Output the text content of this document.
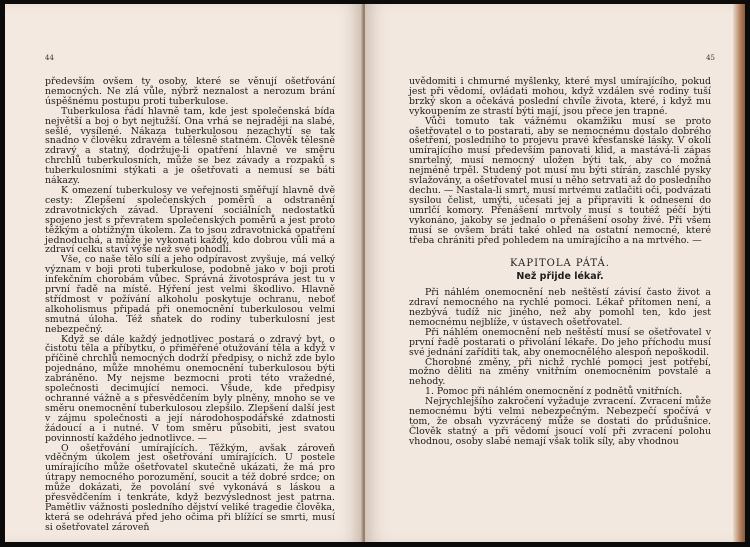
44

především ovšem ty osoby, které se věnují ošetřování nemocných. Ne zlá vůle, nýbrž neznalost a nerozum brání úspěšnému postupu proti tuberkulose.

Tuberkulosa řádí hlavně tam, kde jest společenská bída největší a boj o byt nejtužší. Ona vrhá se nejraději na slabé, sešlé, vysílené. Nákaza tuberkulosou nezachytí se tak snadno v člověku zdravém a tělesně statném. Člověk tělesně zdravý a statný, dodržuje-li opatření hlavně ve směru chrchlů tuberkulosních, může se bez závady a rozpaků s tuberkulosními stýkati a je ošetřovati a nemusí se báti nákazy.

K omezení tuberkulosy ve veřejnosti směřují hlavně dvě cesty: Zlepšení společenských poměrů a odstranění zdravotnických závad. Úpravení sociálních nedostatků spojeno jest s převratem společenských poměrů a jest proto těžkým a obtížným úkolem. Za to jsou zdravotnická opatření jednoduchá, a může je vykonati každý, kdo dobrou vůli má a zdraví celku staví výše než své pohodlí.

Vše, co naše tělo sílí a jeho odpíravost zvyšuje, má velký význam v boji proti tuberkulose, podobně jako v boji proti infekčním chorobám vůbec. Správná životospráva jest tu v první řadě na místě. Hýření jest velmi škodlivo. Hlavně střídmost v požívání alkoholu poskytuje ochranu, neboť alkoholismus připadá při onemocnění tuberkulosou velmi smutná úloha. Též sňatek do rodiny tuberkulosní jest nebezpečný.

Když se dále každý jednotlivec postará o zdravý byt, o čistotu těla a příbytku, o přiměřené otužování těla a když v příčině chrchlů nemocných dodrží předpisy, o nichž zde bylo pojednáno, může mnohému onemocnění tuberkulosou býti zabráněno. My nejsme bezmocni proti této vražedné, společnosti decimující nemoci. Všude, kde předpisy ochranné vážně a s přesvědčením byly plněny, mnoho se ve směru onemocnění tuberkulosou zlepšilo. Zlepšení další jest v zájmu společnosti a její národohospodářské zdatnosti žádoucí a i nutné. V tom směru působiti, jest svatou povinností každého jednotlivce. —

O ošetřování umírajících. Těžkým, avšak zároveň vděčným úkolem jest ošetřování umírajících. U postele umírajícího může ošetřovatel skutečně ukázati, že má pro útrapy nemocného porozumění, soucit a též dobré srdce; on může dokázati, že povolání své vykonává s láskou a přesvědčením i tenkráte, když bezvýslednost jest patrna. Pamětliv vážnosti posledního dějství veliké tragedie člověka, která se odehrává před jeho očima při blížící se smrti, musí si ošetřovatel zároveň

45

uvědomiti i chmurné myšlenky, které mysl umírajícího, pokud jest při vědomí, ovládati mohou, když vzdálen své rodiny tuší brzký skon a očekává poslední chvíle života, které, i když mu vykoupením ze strastí býti mají, jsou přece jen trapné.

Vůči tomuto tak vážnému okamžiku musí se proto ošetřovatel o to postarati, aby se nemocnému dostalo dobrého ošetření, posledního to projevu pravé křesťanské lásky. V okolí umírajícího musí především panovati klid, a mastává-li zápas smrtelný, musí nemocný uložen býti tak, aby co možná nejméně trpěl. Studený pot musí mu býti stírán, zaschlé pysky svlažovány, a ošetřovatel musí u něho setrvati až do posledního dechu. — Nastala-li smrt, musí mrtvému zatlačiti oči, podvázati sysilou čelist, umýti, učesati jej a připraviti k odnesení do umrlčí komory. Přenášení mrtvoly musí s toutéž péčí býti vykonáno, jakoby se jednalo o přenášení osoby živé. Při všem musí se ovšem bráti také ohled na ostatní nemocné, které třeba chrániti před pohledem na umírajícího a na mrtvého. —

KAPITOLA PÁTÁ.
Než přijde lékař.

Při náhlém onemocnění neb neštěstí závisí často život a zdraví nemocného na rychlé pomoci. Lékař přítomen není, a nezbývá tudíž nic jiného, než aby pomohl ten, kdo jest nemocnému nejblíže, v ústavech ošetřovatel.

Při náhlém onemocnění neb neštěstí musí se ošetřovatel v první řadě postarati o přivolání lékaře. Do jeho příchodu musí své jednání zaříditi tak, aby onemocnělého alespoň nepoškodil.

Chorobné změny, při nichž rychlé pomoci jest potřebí, možno děliti na změny vnitřním onemocněním povstalé a nehody.

1. Pomoc při náhlém onemocnění z podnětů vnitřních.

Nejrychlejšího zakročení vyžaduje zvracení. Zvracení může nemocnému býti velmi nebezpečným. Nebezpečí spočívá v tom, že obsah vyzvrácený může se dostati do průdušnice. Člověk statný a při vědomí jsoucí volí při zvracení polohu vhodnou, osoby slabé nemají však tolik síly, aby vhodnou
